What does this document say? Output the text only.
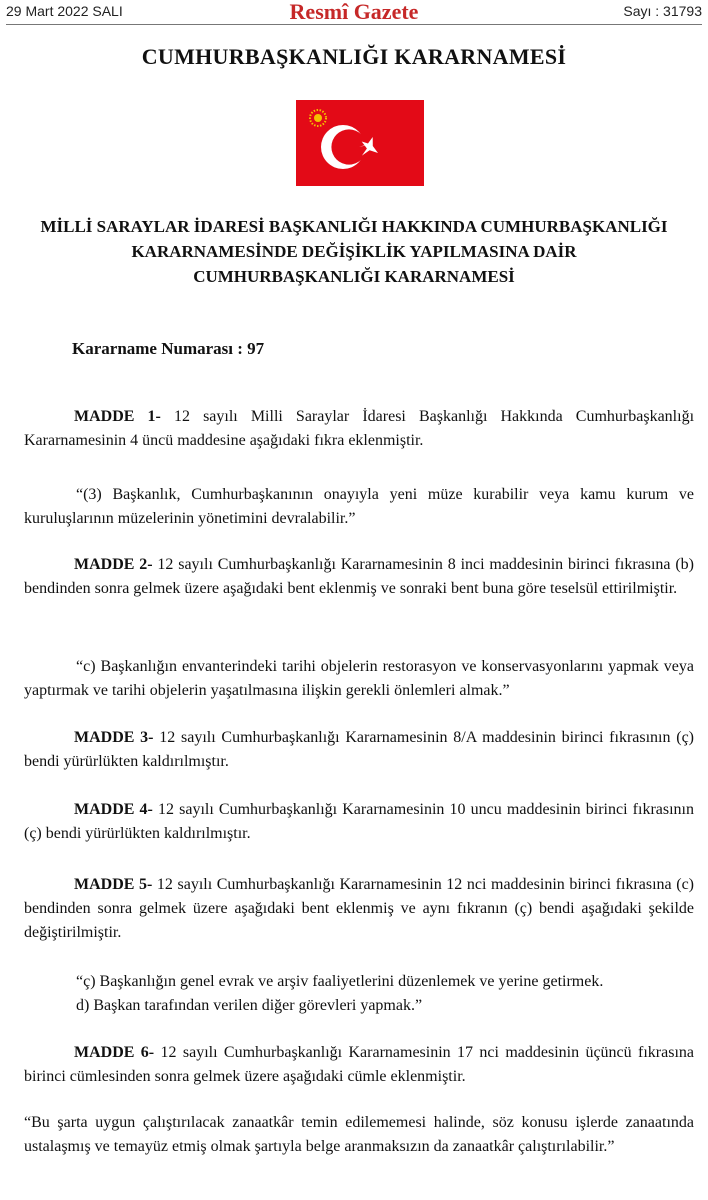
29 Mart 2022 SALI	Resmî Gazete	Sayı : 31793
CUMHURBAŞKANLIĞI KARARNAMESİ
MİLLİ SARAYLAR İDARESİ BAŞKANLIĞI HAKKINDA CUMHURBAŞKANLIĞI
KARARNAMESİNDE DEĞİŞİKLİK YAPILMASINA DAİR
CUMHURBAŞKANLIĞI KARARNAMESİ
Kararname Numarası : 97
MADDE 1- 12 sayılı Milli Saraylar İdaresi Başkanlığı Hakkında Cumhurbaşkanlığı Kararnamesinin 4 üncü maddesine aşağıdaki fıkra eklenmiştir.
“(3) Başkanlık, Cumhurbaşkanının onayıyla yeni müze kurabilir veya kamu kurum ve kuruluşlarının müzelerinin yönetimini devralabilir.”
MADDE 2- 12 sayılı Cumhurbaşkanlığı Kararnamesinin 8 inci maddesinin birinci fıkrasına (b) bendinden sonra gelmek üzere aşağıdaki bent eklenmiş ve sonraki bent buna göre teselsül ettirilmiştir.
“c) Başkanlığın envanterindeki tarihi objelerin restorasyon ve konservasyonlarını yapmak veya yaptırmak ve tarihi objelerin yaşatılmasına ilişkin gerekli önlemleri almak.”
MADDE 3- 12 sayılı Cumhurbaşkanlığı Kararnamesinin 8/A maddesinin birinci fıkrasının (ç) bendi yürürlükten kaldırılmıştır.
MADDE 4- 12 sayılı Cumhurbaşkanlığı Kararnamesinin 10 uncu maddesinin birinci fıkrasının (ç) bendi yürürlükten kaldırılmıştır.
MADDE 5- 12 sayılı Cumhurbaşkanlığı Kararnamesinin 12 nci maddesinin birinci fıkrasına (c) bendinden sonra gelmek üzere aşağıdaki bent eklenmiş ve aynı fıkranın (ç) bendi aşağıdaki şekilde değiştirilmiştir.
“ç) Başkanlığın genel evrak ve arşiv faaliyetlerini düzenlemek ve yerine getirmek.
d) Başkan tarafından verilen diğer görevleri yapmak.”
MADDE 6- 12 sayılı Cumhurbaşkanlığı Kararnamesinin 17 nci maddesinin üçüncü fıkrasına birinci cümlesinden sonra gelmek üzere aşağıdaki cümle eklenmiştir.
“Bu şarta uygun çalıştırılacak zanaatkâr temin edilememesi halinde, söz konusu işlerde zanaatında ustalaşmış ve temayüz etmiş olmak şartıyla belge aranmaksızın da zanaatkâr çalıştırılabilir.”
